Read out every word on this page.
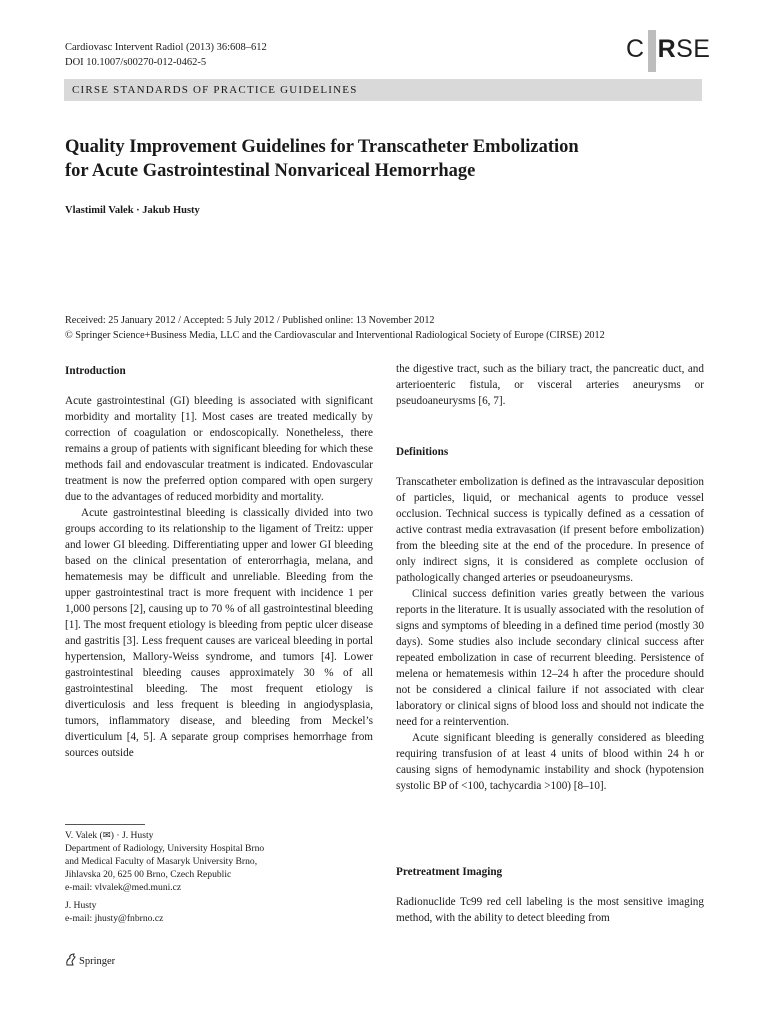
Cardiovasc Intervent Radiol (2013) 36:608–612
DOI 10.1007/s00270-012-0462-5	C RSE
CIRSE STANDARDS OF PRACTICE GUIDELINES
Quality Improvement Guidelines for Transcatheter Embolization
for Acute Gastrointestinal Nonvariceal Hemorrhage
Vlastimil Valek · Jakub Husty
Received: 25 January 2012 / Accepted: 5 July 2012 / Published online: 13 November 2012
© Springer Science+Business Media, LLC and the Cardiovascular and Interventional Radiological Society of Europe (CIRSE) 2012
Introduction

Acute gastrointestinal (GI) bleeding is associated with significant morbidity and mortality [1]. Most cases are treated medically by correction of coagulation or endoscopically. Nonetheless, there remains a group of patients with significant bleeding for which these methods fail and endovascular treatment is indicated. Endovascular treatment is now the preferred option compared with open surgery due to the advantages of reduced morbidity and mortality.

Acute gastrointestinal bleeding is classically divided into two groups according to its relationship to the ligament of Treitz: upper and lower GI bleeding. Differentiating upper and lower GI bleeding based on the clinical presentation of enterorrhagia, melana, and hematemesis may be difficult and unreliable. Bleeding from the upper gastrointestinal tract is more frequent with incidence 1 per 1,000 persons [2], causing up to 70 % of all gastrointestinal bleeding [1]. The most frequent etiology is bleeding from peptic ulcer disease and gastritis [3]. Less frequent causes are variceal bleeding in portal hypertension, Mallory-Weiss syndrome, and tumors [4]. Lower gastrointestinal bleeding causes approximately 30 % of all gastrointestinal bleeding. The most frequent etiology is diverticulosis and less frequent is bleeding in angiodysplasia, tumors, inflammatory disease, and bleeding from Meckel’s diverticulum [4, 5]. A separate group comprises hemorrhage from sources outside

V. Valek (✉) · J. Husty
Department of Radiology, University Hospital Brno
and Medical Faculty of Masaryk University Brno,
Jihlavska 20, 625 00 Brno, Czech Republic
e-mail: vlvalek@med.muni.cz
J. Husty
e-mail: jhusty@fnbrno.cz
Springer

the digestive tract, such as the biliary tract, the pancreatic duct, and arterioenteric fistula, or visceral arteries aneurysms or pseudoaneurysms [6, 7].

Definitions

Transcatheter embolization is defined as the intravascular deposition of particles, liquid, or mechanical agents to produce vessel occlusion. Technical success is typically defined as a cessation of active contrast media extravasation (if present before embolization) from the bleeding site at the end of the procedure. In presence of only indirect signs, it is considered as complete occlusion of pathologically changed arteries or pseudoaneurysms.

Clinical success definition varies greatly between the various reports in the literature. It is usually associated with the resolution of signs and symptoms of bleeding in a defined time period (mostly 30 days). Some studies also include secondary clinical success after repeated embolization in case of recurrent bleeding. Persistence of melena or hematemesis within 12–24 h after the procedure should not be considered a clinical failure if not associated with clear laboratory or clinical signs of blood loss and should not indicate the need for a reintervention.

Acute significant bleeding is generally considered as bleeding requiring transfusion of at least 4 units of blood within 24 h or causing signs of hemodynamic instability and shock (hypotension systolic BP of <100, tachycardia >100) [8–10].

Pretreatment Imaging

Radionuclide Tc99 red cell labeling is the most sensitive imaging method, with the ability to detect bleeding from
